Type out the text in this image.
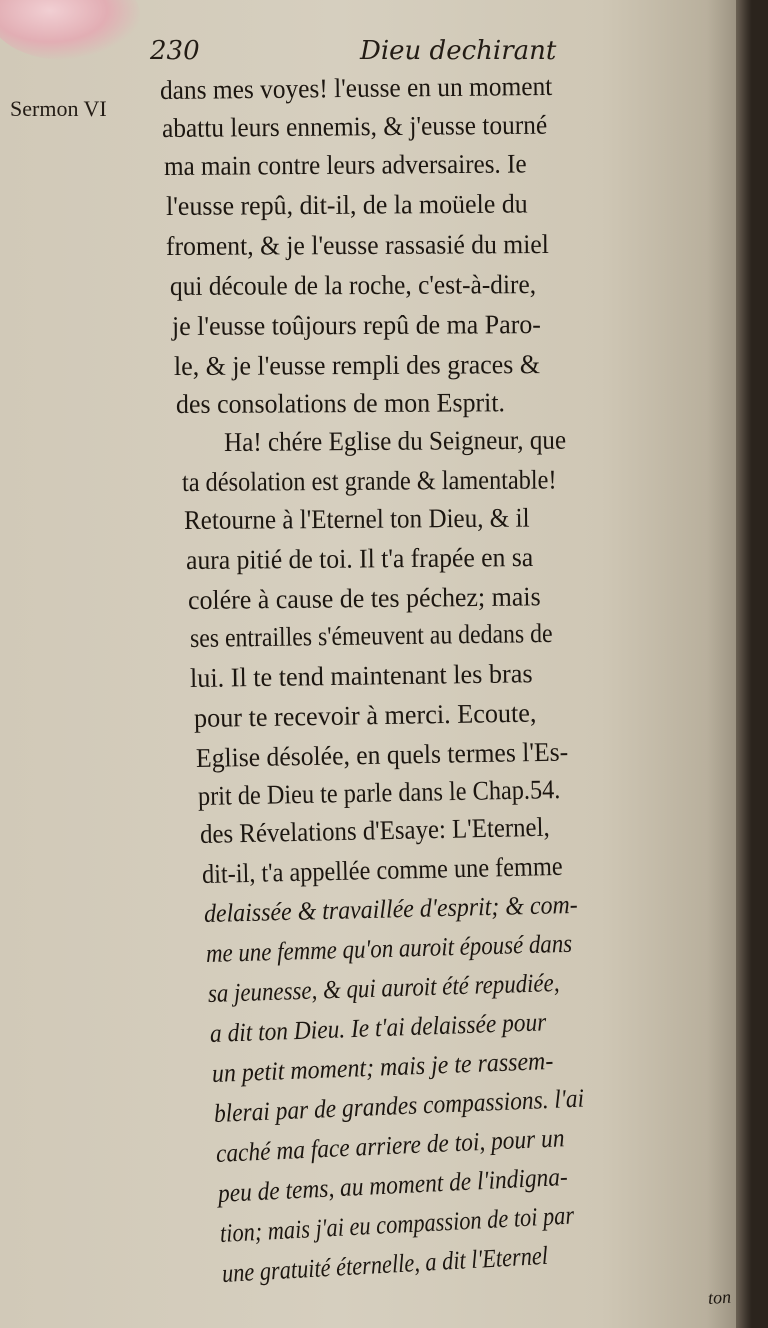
230	Dieu dechirant
Sermon VI
dans mes voyes! l'eusse en un moment
abattu leurs ennemis, & j'eusse tourné
ma main contre leurs adversaires. Ie
l'eusse repû, dit-il, de la moüele du
froment, & je l'eusse rassasié du miel
qui découle de la roche, c'est-à-dire,
je l'eusse toûjours repû de ma Paro-
le, & je l'eusse rempli des graces &
des consolations de mon Esprit.
Ha! chére Eglise du Seigneur, que
ta désolation est grande & lamentable!
Retourne à l'Eternel ton Dieu, & il
aura pitié de toi. Il t'a frapée en sa
colére à cause de tes péchez; mais
ses entrailles s'émeuvent au dedans de
lui. Il te tend maintenant les bras
pour te recevoir à merci. Ecoute,
Eglise désolée, en quels termes l'Es-
prit de Dieu te parle dans le Chap.54.
des Révelations d'Esaye: L'Eternel,
dit-il, t'a appellée comme une femme
delaissée & travaillée d'esprit; & com-
me une femme qu'on auroit épousé dans
sa jeunesse, & qui auroit été repudiée,
a dit ton Dieu. Ie t'ai delaissée pour
un petit moment; mais je te rassem-
blerai par de grandes compassions. l'ai
caché ma face arriere de toi, pour un
peu de tems, au moment de l'indigna-
tion; mais j'ai eu compassion de toi par
une gratuité éternelle, a dit l'Eternel
ton
